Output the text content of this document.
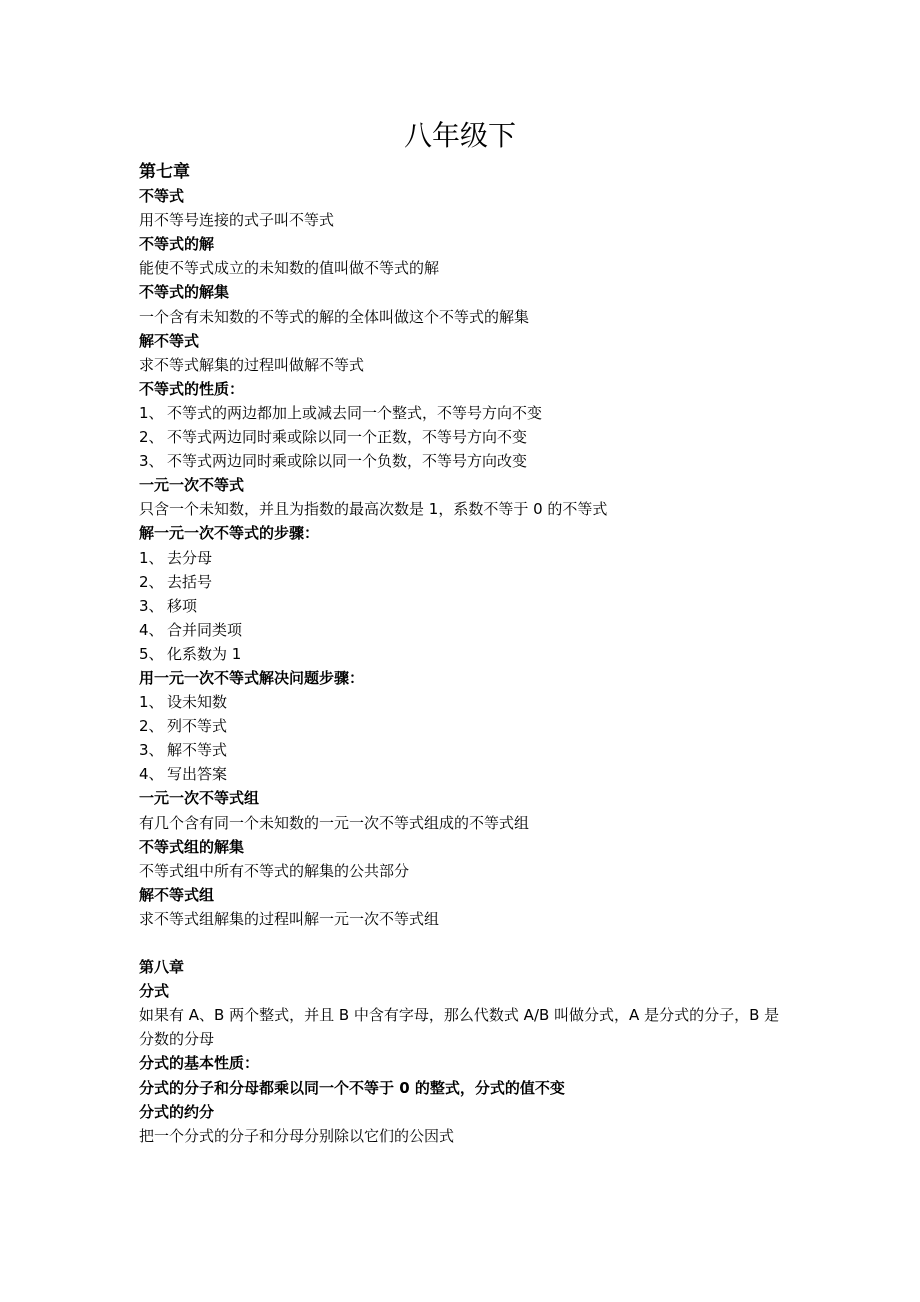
八年级下
第七章
不等式
用不等号连接的式子叫不等式
不等式的解
能使不等式成立的未知数的值叫做不等式的解
不等式的解集
一个含有未知数的不等式的解的全体叫做这个不等式的解集
解不等式
求不等式解集的过程叫做解不等式
不等式的性质：
1、 不等式的两边都加上或减去同一个整式，不等号方向不变
2、 不等式两边同时乘或除以同一个正数，不等号方向不变
3、 不等式两边同时乘或除以同一个负数，不等号方向改变
一元一次不等式
只含一个未知数，并且为指数的最高次数是 1，系数不等于 0 的不等式
解一元一次不等式的步骤：
1、 去分母
2、 去括号
3、 移项
4、 合并同类项
5、 化系数为 1
用一元一次不等式解决问题步骤：
1、 设未知数
2、 列不等式
3、 解不等式
4、 写出答案
一元一次不等式组
有几个含有同一个未知数的一元一次不等式组成的不等式组
不等式组的解集
不等式组中所有不等式的解集的公共部分
解不等式组
求不等式组解集的过程叫解一元一次不等式组
第八章
分式
如果有 A、B 两个整式，并且 B 中含有字母，那么代数式 A/B 叫做分式，A 是分式的分子，B 是分数的分母
分式的基本性质：
分式的分子和分母都乘以同一个不等于 0 的整式，分式的值不变
分式的约分
把一个分式的分子和分母分别除以它们的公因式
